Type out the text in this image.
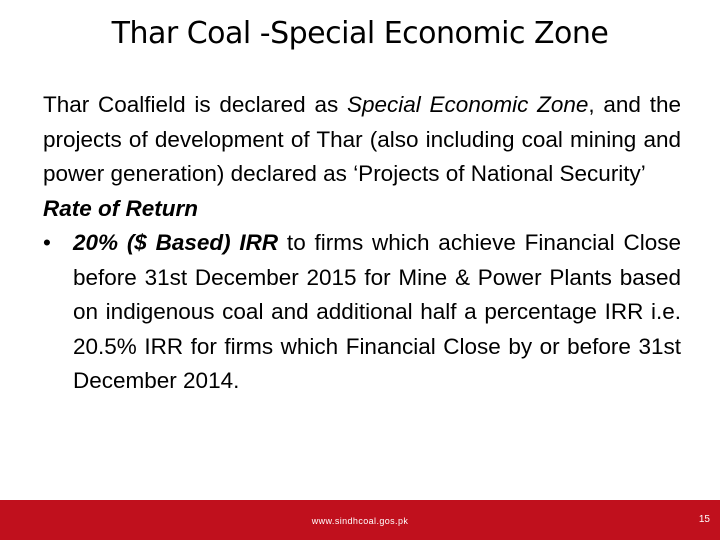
Thar Coal -Special Economic Zone

Thar Coalfield is declared as Special Economic Zone, and the projects of development of Thar (also including coal mining and power generation) declared as ‘Projects of National Security’

Rate of Return

• 20% ($ Based) IRR to firms which achieve Financial Close before 31st December 2015 for Mine & Power Plants based on indigenous coal and additional half a percentage IRR i.e. 20.5% IRR for firms which Financial Close by or before 31st December 2014.
www.sindhcoal.gos.pk	15
